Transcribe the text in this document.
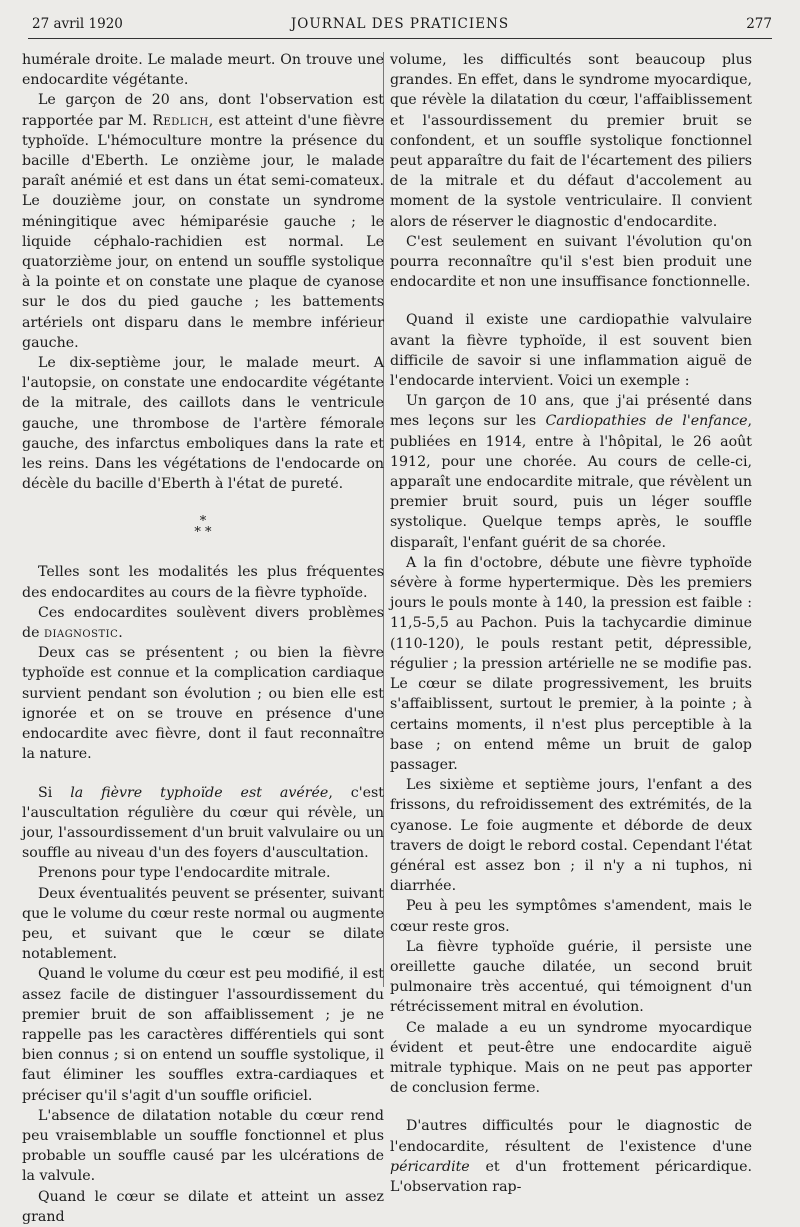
27 avril 1920	JOURNAL DES PRATICIENS	277

humérale droite. Le malade meurt. On trouve une endocardite végétante.

Le garçon de 20 ans, dont l'observation est rapportée par M. Redlich, est atteint d'une fièvre typhoïde. L'hémoculture montre la présence du bacille d'Eberth. Le onzième jour, le malade paraît anémié et est dans un état semi-comateux. Le douzième jour, on constate un syndrome méningitique avec hémiparésie gauche ; le liquide céphalo-rachidien est normal. Le quatorzième jour, on entend un souffle systolique à la pointe et on constate une plaque de cyanose sur le dos du pied gauche ; les battements artériels ont disparu dans le membre inférieur gauche.

Le dix-septième jour, le malade meurt. A l'autopsie, on constate une endocardite végétante de la mitrale, des caillots dans le ventricule gauche, une thrombose de l'artère fémorale gauche, des infarctus emboliques dans la rate et les reins. Dans les végétations de l'endocarde on décèle du bacille d'Eberth à l'état de pureté.

*
* *

Telles sont les modalités les plus fréquentes des endocardites au cours de la fièvre typhoïde.

Ces endocardites soulèvent divers problèmes de diagnostic.

Deux cas se présentent ; ou bien la fièvre typhoïde est connue et la complication cardiaque survient pendant son évolution ; ou bien elle est ignorée et on se trouve en présence d'une endocardite avec fièvre, dont il faut reconnaître la nature.

Si la fièvre typhoïde est avérée, c'est l'auscultation régulière du cœur qui révèle, un jour, l'assourdissement d'un bruit valvulaire ou un souffle au niveau d'un des foyers d'auscultation.

Prenons pour type l'endocardite mitrale.

Deux éventualités peuvent se présenter, suivant que le volume du cœur reste normal ou augmente peu, et suivant que le cœur se dilate notablement.

Quand le volume du cœur est peu modifié, il est assez facile de distinguer l'assourdissement du premier bruit de son affaiblissement ; je ne rappelle pas les caractères différentiels qui sont bien connus ; si on entend un souffle systolique, il faut éliminer les souffles extra-cardiaques et préciser qu'il s'agit d'un souffle orificiel.

L'absence de dilatation notable du cœur rend peu vraisemblable un souffle fonctionnel et plus probable un souffle causé par les ulcérations de la valvule.

Quand le cœur se dilate et atteint un assez grand

volume, les difficultés sont beaucoup plus grandes. En effet, dans le syndrome myocardique, que révèle la dilatation du cœur, l'affaiblissement et l'assourdissement du premier bruit se confondent, et un souffle systolique fonctionnel peut apparaître du fait de l'écartement des piliers de la mitrale et du défaut d'accolement au moment de la systole ventriculaire. Il convient alors de réserver le diagnostic d'endocardite.

C'est seulement en suivant l'évolution qu'on pourra reconnaître qu'il s'est bien produit une endocardite et non une insuffisance fonctionnelle.

Quand il existe une cardiopathie valvulaire avant la fièvre typhoïde, il est souvent bien difficile de savoir si une inflammation aiguë de l'endocarde intervient. Voici un exemple :

Un garçon de 10 ans, que j'ai présenté dans mes leçons sur les Cardiopathies de l'enfance, publiées en 1914, entre à l'hôpital, le 26 août 1912, pour une chorée. Au cours de celle-ci, apparaît une endocardite mitrale, que révèlent un premier bruit sourd, puis un léger souffle systolique. Quelque temps après, le souffle disparaît, l'enfant guérit de sa chorée.

A la fin d'octobre, débute une fièvre typhoïde sévère à forme hypertermique. Dès les premiers jours le pouls monte à 140, la pression est faible : 11,5-5,5 au Pachon. Puis la tachycardie diminue (110-120), le pouls restant petit, dépressible, régulier ; la pression artérielle ne se modifie pas. Le cœur se dilate progressivement, les bruits s'affaiblissent, surtout le premier, à la pointe ; à certains moments, il n'est plus perceptible à la base ; on entend même un bruit de galop passager.

Les sixième et septième jours, l'enfant a des frissons, du refroidissement des extrémités, de la cyanose. Le foie augmente et déborde de deux travers de doigt le rebord costal. Cependant l'état général est assez bon ; il n'y a ni tuphos, ni diarrhée.

Peu à peu les symptômes s'amendent, mais le cœur reste gros.

La fièvre typhoïde guérie, il persiste une oreillette gauche dilatée, un second bruit pulmonaire très accentué, qui témoignent d'un rétrécissement mitral en évolution.

Ce malade a eu un syndrome myocardique évident et peut-être une endocardite aiguë mitrale typhique. Mais on ne peut pas apporter de conclusion ferme.

D'autres difficultés pour le diagnostic de l'endocardite, résultent de l'existence d'une péricardite et d'un frottement péricardique. L'observation rap-
